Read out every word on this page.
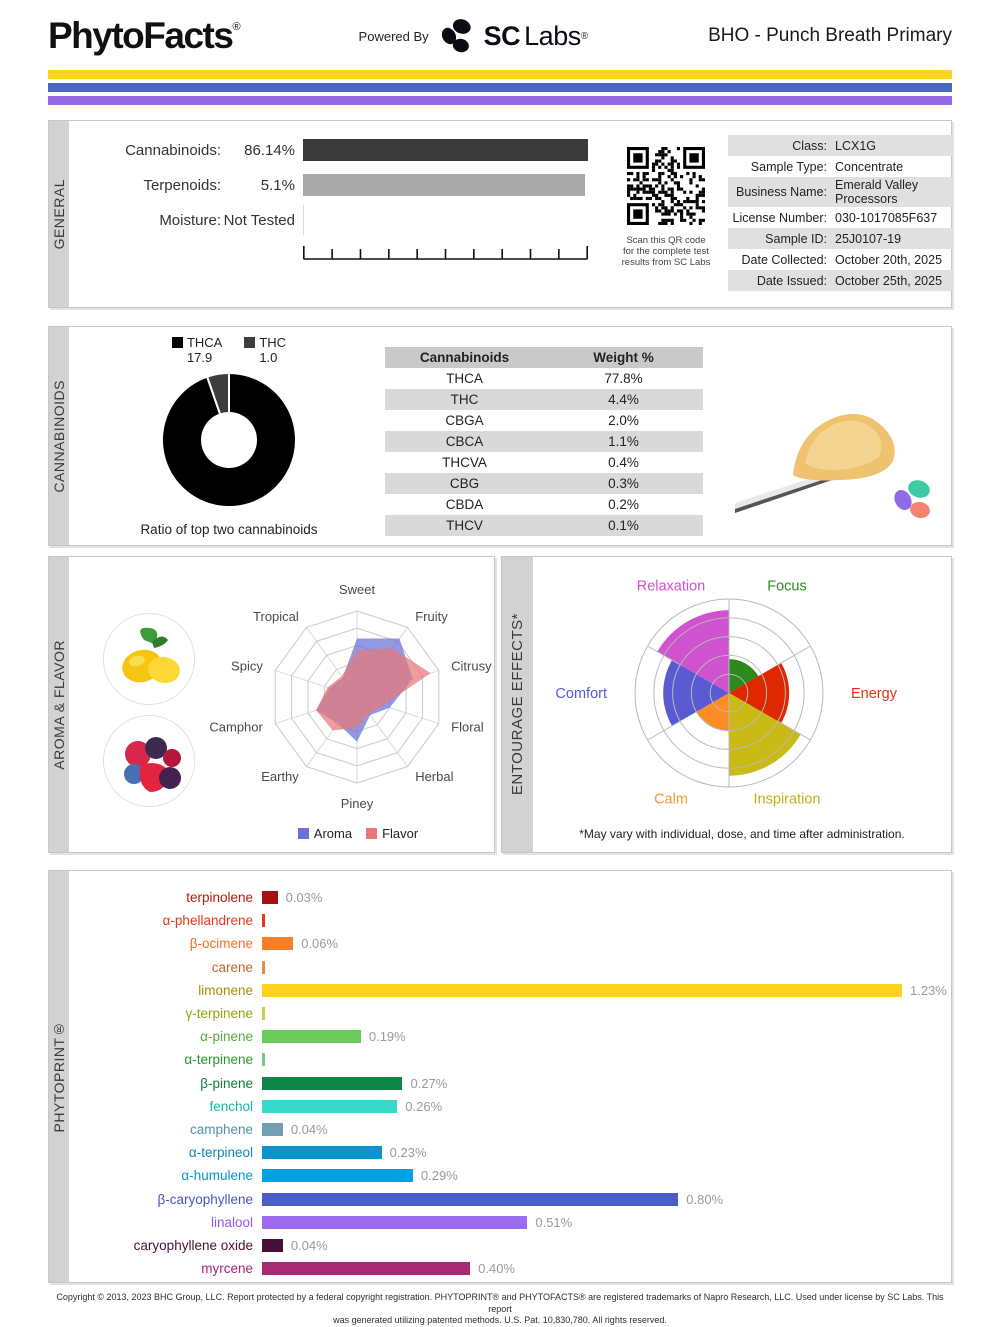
PhytoFacts®
Powered By SC Labs ®	BHO - Punch Breath Primary
GENERAL
Cannabinoids:	86.14%
Terpenoids:	5.1%
Moisture: Not Tested
Scan this QR code
for the complete test
results from SC Labs
Class: LCX1G
Sample Type: Concentrate
Business Name: Emerald Valley Processors
License Number: 030-1017085F637
Sample ID: 25J0107-19
Date Collected: October 20th, 2025
Date Issued: October 25th, 2025
CANNABINOIDS
THCA
17.9
THC
1.0
Ratio of top two cannabinoids
Cannabinoids	Weight %
THCA	77.8%
THC	4.4%
CBGA	2.0%
CBCA	1.1%
THCVA	0.4%
CBG	0.3%
CBDA	0.2%
THCV	0.1%
AROMA & FLAVOR
Sweet
Fruity
Citrusy
Floral
Herbal
Piney
Earthy
Camphor
Spicy
Tropical
Aroma Flavor
ENTOURAGE EFFECTS*
Focus
Energy
Inspiration
Calm
Comfort
Relaxation
*May vary with individual, dose, and time after administration.
PHYTOPRINT®
terpinolene	0.03%
α-phellandrene
β-ocimene	0.06%
carene
limonene	1.23%
γ-terpinene
α-pinene	0.19%
α-terpinene
β-pinene	0.27%
fenchol	0.26%
camphene	0.04%
α-terpineol	0.23%
α-humulene	0.29%
β-caryophyllene	0.80%
linalool	0.51%
caryophyllene oxide	0.04%
myrcene	0.40%
Copyright © 2013, 2023 BHC Group, LLC. Report protected by a federal copyright registration. PHYTOPRINT® and PHYTOFACTS® are registered trademarks of Napro Research, LLC. Used under license by SC Labs. This report
was generated utilizing patented methods. U.S. Pat. 10,830,780. All rights reserved.
